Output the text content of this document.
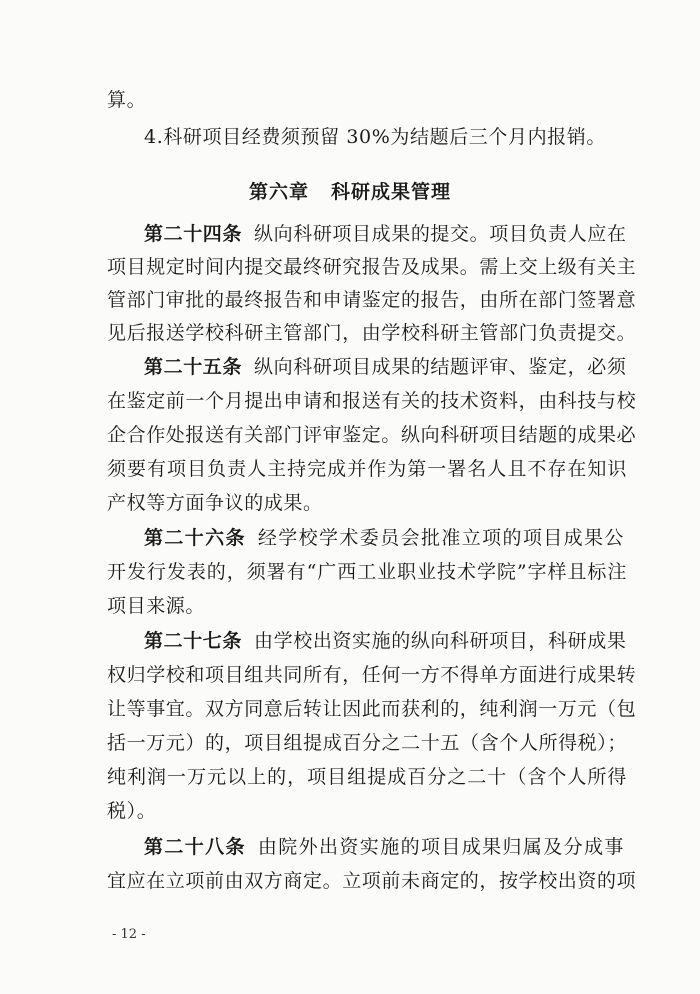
算。
4.科研项目经费须预留 30%为结题后三个月内报销。
第六章 科研成果管理
第二十四条 纵向科研项目成果的提交。项目负责人应在
项目规定时间内提交最终研究报告及成果。需上交上级有关主
管部门审批的最终报告和申请鉴定的报告，由所在部门签署意
见后报送学校科研主管部门，由学校科研主管部门负责提交。
第二十五条 纵向科研项目成果的结题评审、鉴定，必须
在鉴定前一个月提出申请和报送有关的技术资料，由科技与校
企合作处报送有关部门评审鉴定。纵向科研项目结题的成果必
须要有项目负责人主持完成并作为第一署名人且不存在知识
产权等方面争议的成果。
第二十六条 经学校学术委员会批准立项的项目成果公
开发行发表的，须署有“广西工业职业技术学院”字样且标注
项目来源。
第二十七条 由学校出资实施的纵向科研项目，科研成果
权归学校和项目组共同所有，任何一方不得单方面进行成果转
让等事宜。双方同意后转让因此而获利的，纯利润一万元（包
括一万元）的，项目组提成百分之二十五（含个人所得税）；
纯利润一万元以上的，项目组提成百分之二十（含个人所得
税）。
第二十八条 由院外出资实施的项目成果归属及分成事
宜应在立项前由双方商定。立项前未商定的，按学校出资的项
- 12 -
